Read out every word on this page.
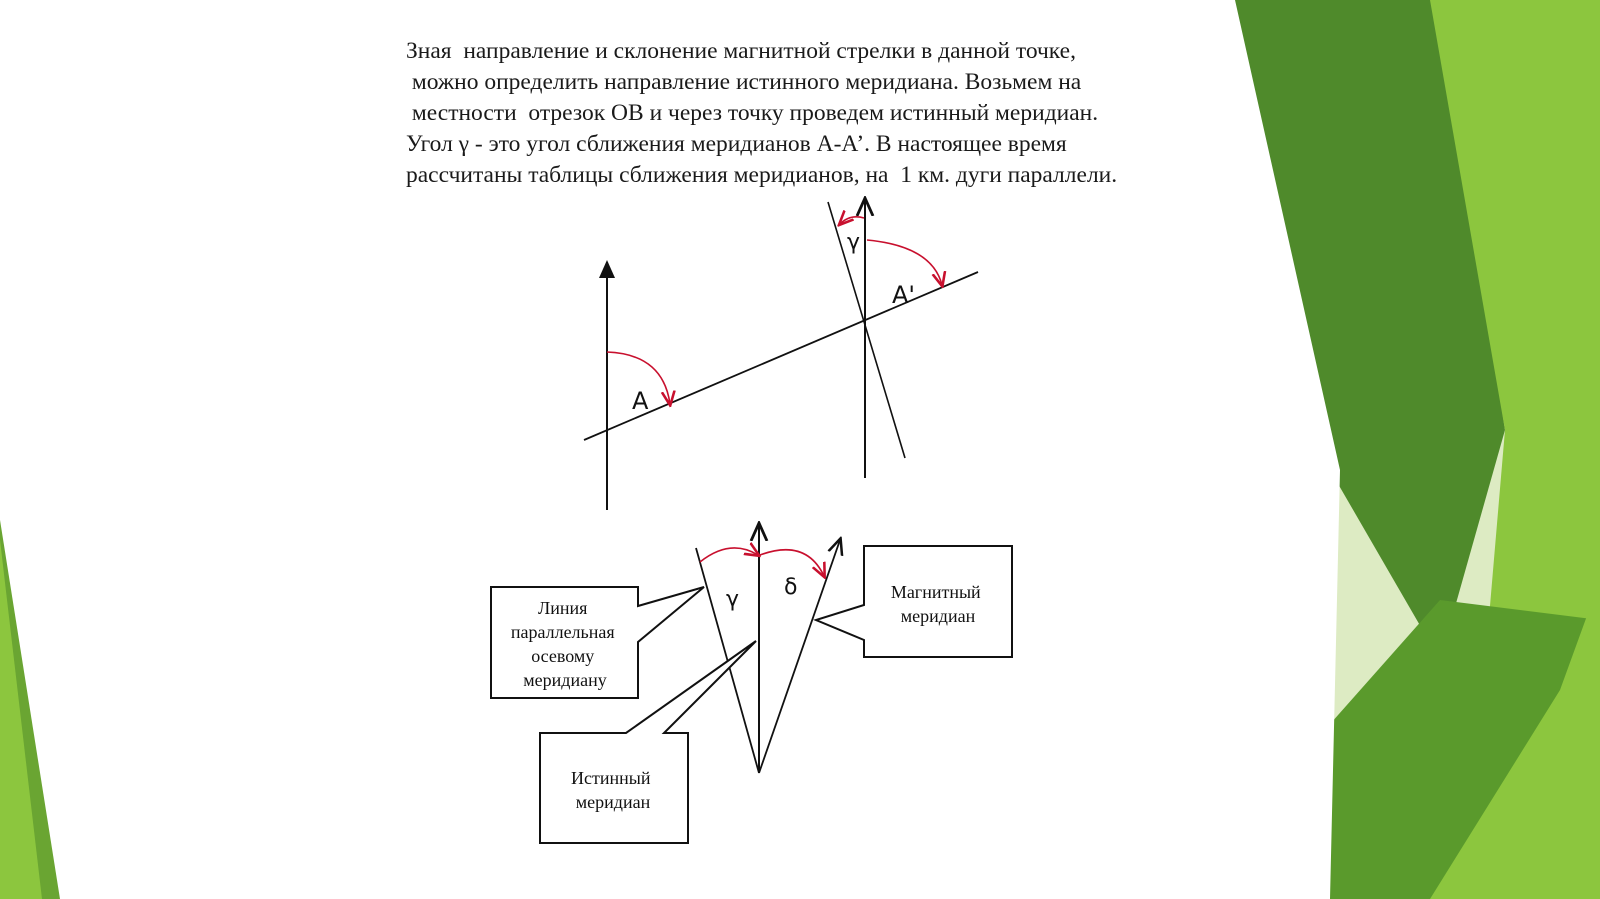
Зная  направление и склонение магнитной стрелки в данной точке,
можно определить направление истинного меридиана. Возьмем на
местности  отрезок ОВ и через точку проведем истинный меридиан.
Угол γ - это угол сближения меридианов А-А’. В настоящее время
рассчитаны таблицы сближения меридианов, на  1 км. дуги параллели.
А
А'
γ
γ δ
Линия параллельная осевому меридиану
Магнитный меридиан
Истинный меридиан
